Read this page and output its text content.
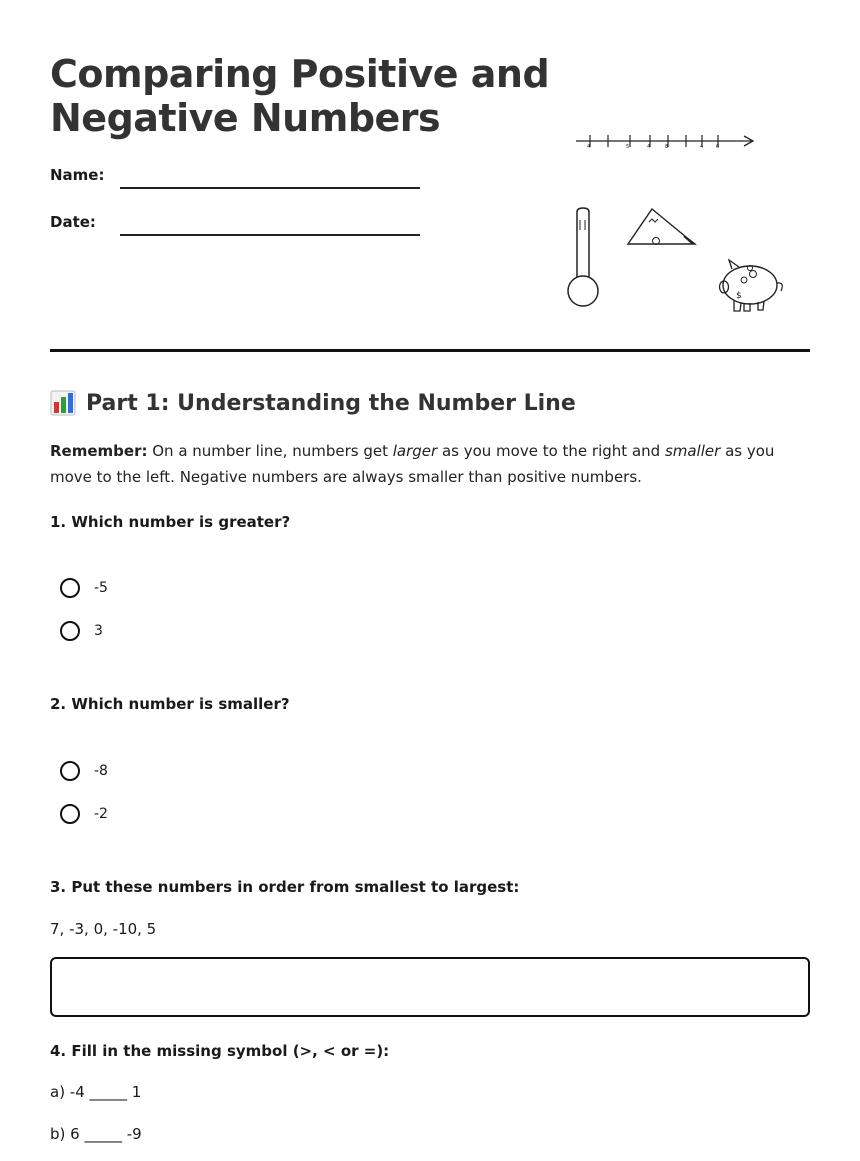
Comparing Positive and Negative Numbers
Name:
Date:
4	5	4	8	4	6
$
Part 1: Understanding the Number Line
Remember: On a number line, numbers get larger as you move to the right and smaller as you move to the left. Negative numbers are always smaller than positive numbers.
1. Which number is greater?
-5
3
2. Which number is smaller?
-8
-2
3. Put these numbers in order from smallest to largest:
7, -3, 0, -10, 5
4. Fill in the missing symbol (>, < or =):
a) -4 _____ 1
b) 6 _____ -9
